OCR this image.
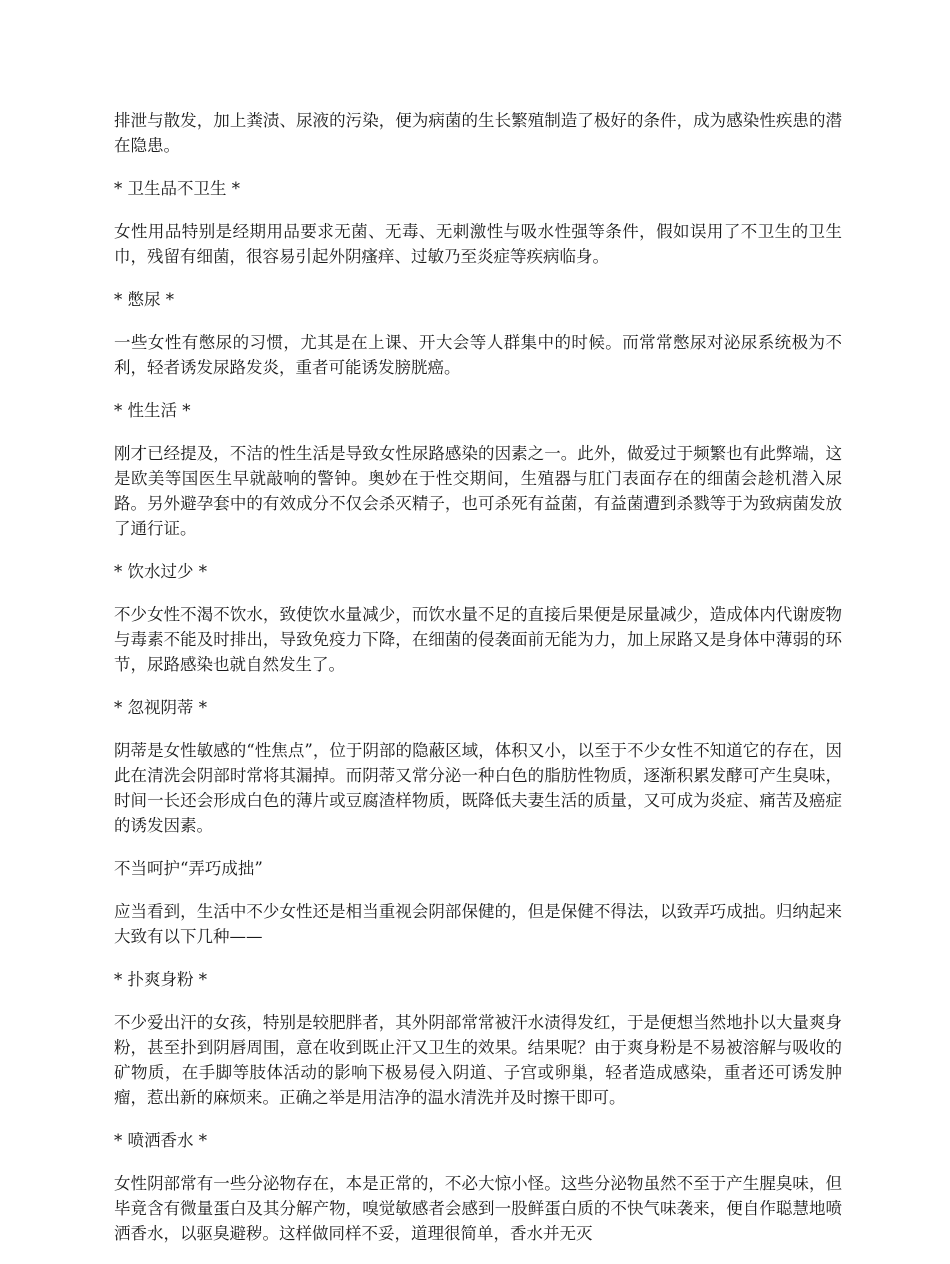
排泄与散发，加上粪渍、尿液的污染，便为病菌的生长繁殖制造了极好的条件，成为感染性疾患的潜在隐患。

* 卫生品不卫生 *

女性用品特别是经期用品要求无菌、无毒、无刺激性与吸水性强等条件，假如误用了不卫生的卫生巾，残留有细菌，很容易引起外阴瘙痒、过敏乃至炎症等疾病临身。

* 憋尿 *

一些女性有憋尿的习惯，尤其是在上课、开大会等人群集中的时候。而常常憋尿对泌尿系统极为不利，轻者诱发尿路发炎，重者可能诱发膀胱癌。

* 性生活 *

刚才已经提及，不洁的性生活是导致女性尿路感染的因素之一。此外，做爱过于频繁也有此弊端，这是欧美等国医生早就敲响的警钟。奥妙在于性交期间，生殖器与肛门表面存在的细菌会趁机潜入尿路。另外避孕套中的有效成分不仅会杀灭精子，也可杀死有益菌，有益菌遭到杀戮等于为致病菌发放了通行证。

* 饮水过少 *

不少女性不渴不饮水，致使饮水量减少，而饮水量不足的直接后果便是尿量减少，造成体内代谢废物与毒素不能及时排出，导致免疫力下降，在细菌的侵袭面前无能为力，加上尿路又是身体中薄弱的环节，尿路感染也就自然发生了。

* 忽视阴蒂 *

阴蒂是女性敏感的“性焦点”，位于阴部的隐蔽区域，体积又小，以至于不少女性不知道它的存在，因此在清洗会阴部时常将其漏掉。而阴蒂又常分泌一种白色的脂肪性物质，逐渐积累发酵可产生臭味，时间一长还会形成白色的薄片或豆腐渣样物质，既降低夫妻生活的质量，又可成为炎症、痛苦及癌症的诱发因素。

不当呵护“弄巧成拙”

应当看到，生活中不少女性还是相当重视会阴部保健的，但是保健不得法，以致弄巧成拙。归纳起来大致有以下几种——

* 扑爽身粉 *

不少爱出汗的女孩，特别是较肥胖者，其外阴部常常被汗水渍得发红，于是便想当然地扑以大量爽身粉，甚至扑到阴唇周围，意在收到既止汗又卫生的效果。结果呢？由于爽身粉是不易被溶解与吸收的矿物质，在手脚等肢体活动的影响下极易侵入阴道、子宫或卵巢，轻者造成感染，重者还可诱发肿瘤，惹出新的麻烦来。正确之举是用洁净的温水清洗并及时擦干即可。

* 喷洒香水 *

女性阴部常有一些分泌物存在，本是正常的，不必大惊小怪。这些分泌物虽然不至于产生腥臭味，但毕竟含有微量蛋白及其分解产物，嗅觉敏感者会感到一股鲜蛋白质的不快气味袭来，便自作聪慧地喷洒香水，以驱臭避秽。这样做同样不妥，道理很简单，香水并无灭
